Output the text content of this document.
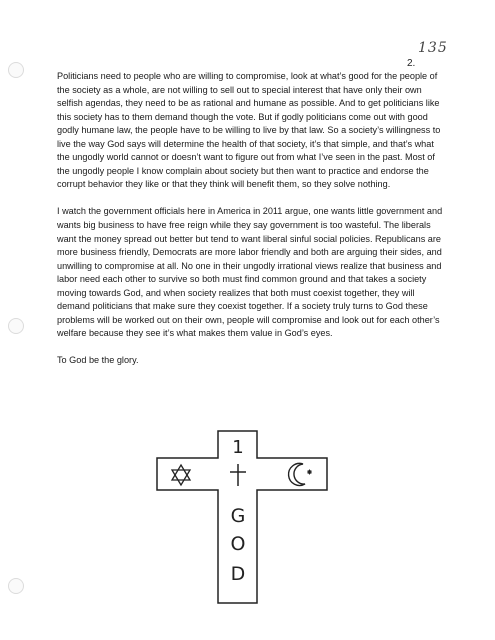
135
2.

Politicians need to people who are willing to compromise, look at what’s good for the people of the society as a whole, are not willing to sell out to special interest that have only their own selfish agendas, they need to be as rational and humane as possible. And to get politicians like this society has to them demand though the vote. But if godly politicians come out with good godly humane law, the people have to be willing to live by that law. So a society’s willingness to live the way God says will determine the health of that society, it’s that simple, and that’s what the ungodly world cannot or doesn’t want to figure out from what I’ve seen in the past. Most of the ungodly people I know complain about society but then want to practice and endorse the corrupt behavior they like or that they think will benefit them, so they solve nothing.

I watch the government officials here in America in 2011 argue, one wants little government and wants big business to have free reign while they say government is too wasteful. The liberals want the money spread out better but tend to want liberal sinful social policies. Republicans are more business friendly, Democrats are more labor friendly and both are arguing their sides, and unwilling to compromise at all. No one in their ungodly irrational views realize that business and labor need each other to survive so both must find common ground and that takes a society moving towards God, and when society realizes that both must coexist together, they will demand politicians that make sure they coexist together. If a society truly turns to God these problems will be worked out on their own, people will compromise and look out for each other’s welfare because they see it’s what makes them value in God’s eyes.

To God be the glory.

1
G
O
D
